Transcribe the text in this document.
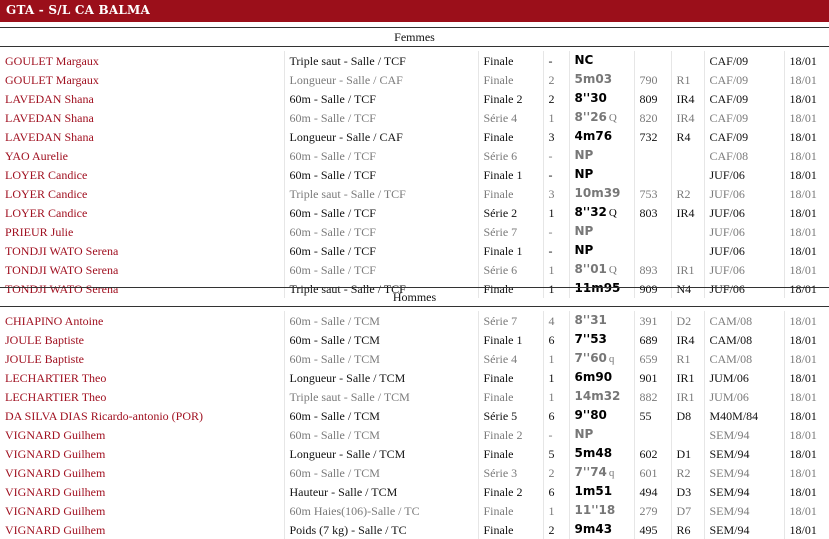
GTA - S/L CA BALMA
Femmes
GOULET Margaux	Triple saut - Salle / TCF	Finale	-	NC			CAF/09	18/01
GOULET Margaux	Longueur - Salle / CAF	Finale	2	5m03	790	R1	CAF/09	18/01
LAVEDAN Shana	60m - Salle / TCF	Finale 2	2	8''30	809	IR4	CAF/09	18/01
LAVEDAN Shana	60m - Salle / TCF	Série 4	1	8''26 Q	820	IR4	CAF/09	18/01
LAVEDAN Shana	Longueur - Salle / CAF	Finale	3	4m76	732	R4	CAF/09	18/01
YAO Aurelie	60m - Salle / TCF	Série 6	-	NP			CAF/08	18/01
LOYER Candice	60m - Salle / TCF	Finale 1	-	NP			JUF/06	18/01
LOYER Candice	Triple saut - Salle / TCF	Finale	3	10m39	753	R2	JUF/06	18/01
LOYER Candice	60m - Salle / TCF	Série 2	1	8''32 Q	803	IR4	JUF/06	18/01
PRIEUR Julie	60m - Salle / TCF	Série 7	-	NP			JUF/06	18/01
TONDJI WATO Serena	60m - Salle / TCF	Finale 1	-	NP			JUF/06	18/01
TONDJI WATO Serena	60m - Salle / TCF	Série 6	1	8''01 Q	893	IR1	JUF/06	18/01
TONDJI WATO Serena	Triple saut - Salle / TCF	Finale	1	11m95	909	N4	JUF/06	18/01
Hommes
CHIAPINO Antoine	60m - Salle / TCM	Série 7	4	8''31	391	D2	CAM/08	18/01
JOULE Baptiste	60m - Salle / TCM	Finale 1	6	7''53	689	IR4	CAM/08	18/01
JOULE Baptiste	60m - Salle / TCM	Série 4	1	7''60 q	659	R1	CAM/08	18/01
LECHARTIER Theo	Longueur - Salle / TCM	Finale	1	6m90	901	IR1	JUM/06	18/01
LECHARTIER Theo	Triple saut - Salle / TCM	Finale	1	14m32	882	IR1	JUM/06	18/01
DA SILVA DIAS Ricardo-antonio (POR)	60m - Salle / TCM	Série 5	6	9''80	55	D8	M40M/84	18/01
VIGNARD Guilhem	60m - Salle / TCM	Finale 2	-	NP			SEM/94	18/01
VIGNARD Guilhem	Longueur - Salle / TCM	Finale	5	5m48	602	D1	SEM/94	18/01
VIGNARD Guilhem	60m - Salle / TCM	Série 3	2	7''74 q	601	R2	SEM/94	18/01
VIGNARD Guilhem	Hauteur - Salle / TCM	Finale 2	6	1m51	494	D3	SEM/94	18/01
VIGNARD Guilhem	60m Haies(106)-Salle / TC	Finale	1	11''18	279	D7	SEM/94	18/01
VIGNARD Guilhem	Poids (7 kg) - Salle / TC	Finale	2	9m43	495	R6	SEM/94	18/01
